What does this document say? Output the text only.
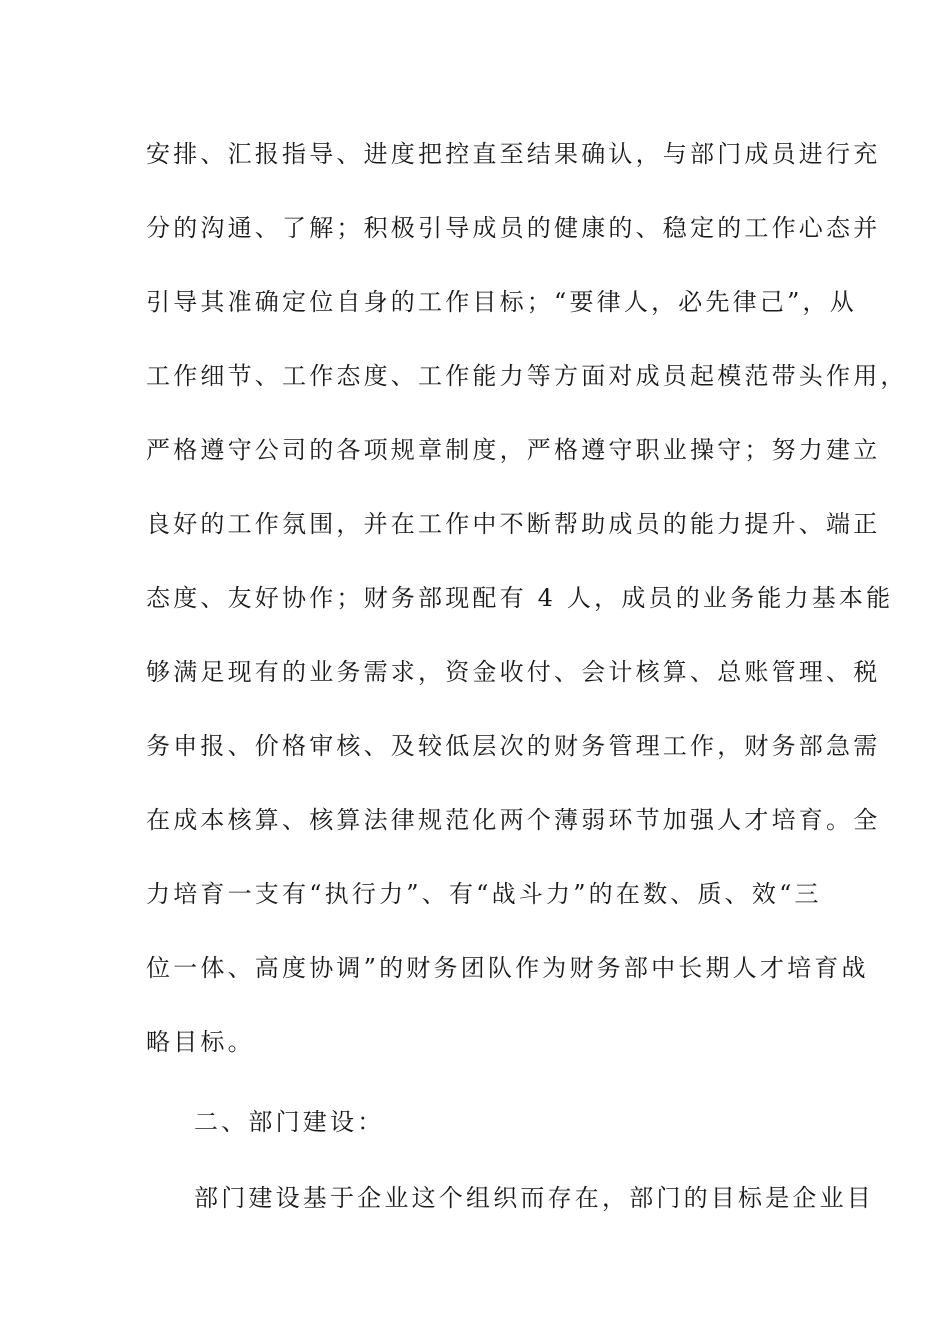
安排、汇报指导、进度把控直至结果确认，与部门成员进行充
分的沟通、了解；积极引导成员的健康的、稳定的工作心态并
引导其准确定位自身的工作目标；“要律人，必先律己”，从
工作细节、工作态度、工作能力等方面对成员起模范带头作用，
严格遵守公司的各项规章制度，严格遵守职业操守；努力建立
良好的工作氛围，并在工作中不断帮助成员的能力提升、端正
态度、友好协作；财务部现配有 4 人，成员的业务能力基本能
够满足现有的业务需求，资金收付、会计核算、总账管理、税
务申报、价格审核、及较低层次的财务管理工作，财务部急需
在成本核算、核算法律规范化两个薄弱环节加强人才培育。全
力培育一支有“执行力”、有“战斗力”的在数、质、效“三
位一体、高度协调”的财务团队作为财务部中长期人才培育战
略目标。
二、部门建设：
部门建设基于企业这个组织而存在，部门的目标是企业目
